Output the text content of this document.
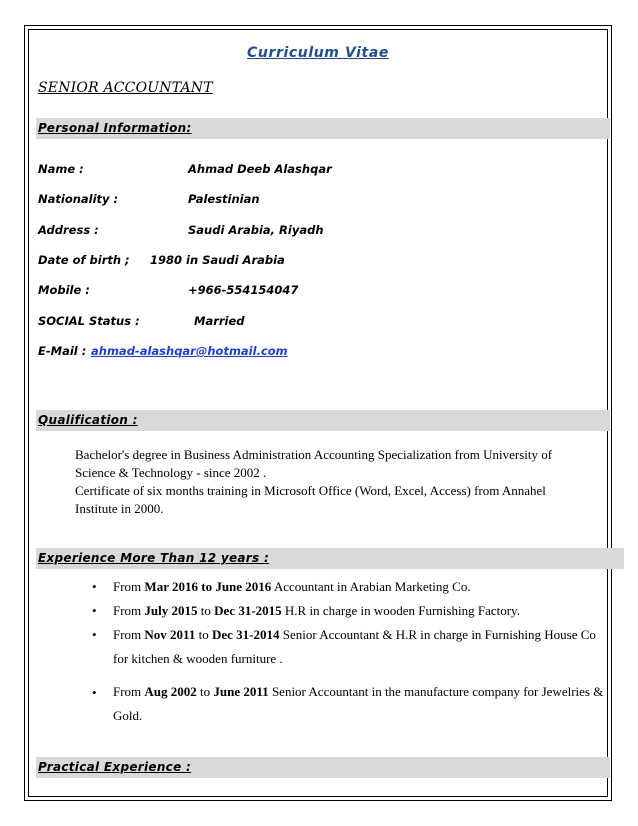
Curriculum Vitae
SENIOR ACCOUNTANT
Personal Information:
Name :	Ahmad Deeb Alashqar
Nationality :	Palestinian
Address :	Saudi Arabia, Riyadh
Date of birth ; 1980 in Saudi Arabia
Mobile :	+966-554154047
SOCIAL Status :	Married
E-Mail : ahmad-alashqar@hotmail.com
Qualification :
Bachelor's degree in Business Administration Accounting Specialization from University of Science & Technology - since 2002 .
Certificate of six months training in Microsoft Office (Word, Excel, Access) from Annahel Institute in 2000.
Experience More Than 12 years :
• From Mar 2016 to June 2016 Accountant in Arabian Marketing Co.
• From July 2015 to Dec 31-2015 H.R in charge in wooden Furnishing Factory.
• From Nov 2011 to Dec 31-2014 Senior Accountant & H.R in charge in Furnishing House Co for kitchen & wooden furniture .
• From Aug 2002 to June 2011 Senior Accountant in the manufacture company for Jewelries & Gold.
Practical Experience :
